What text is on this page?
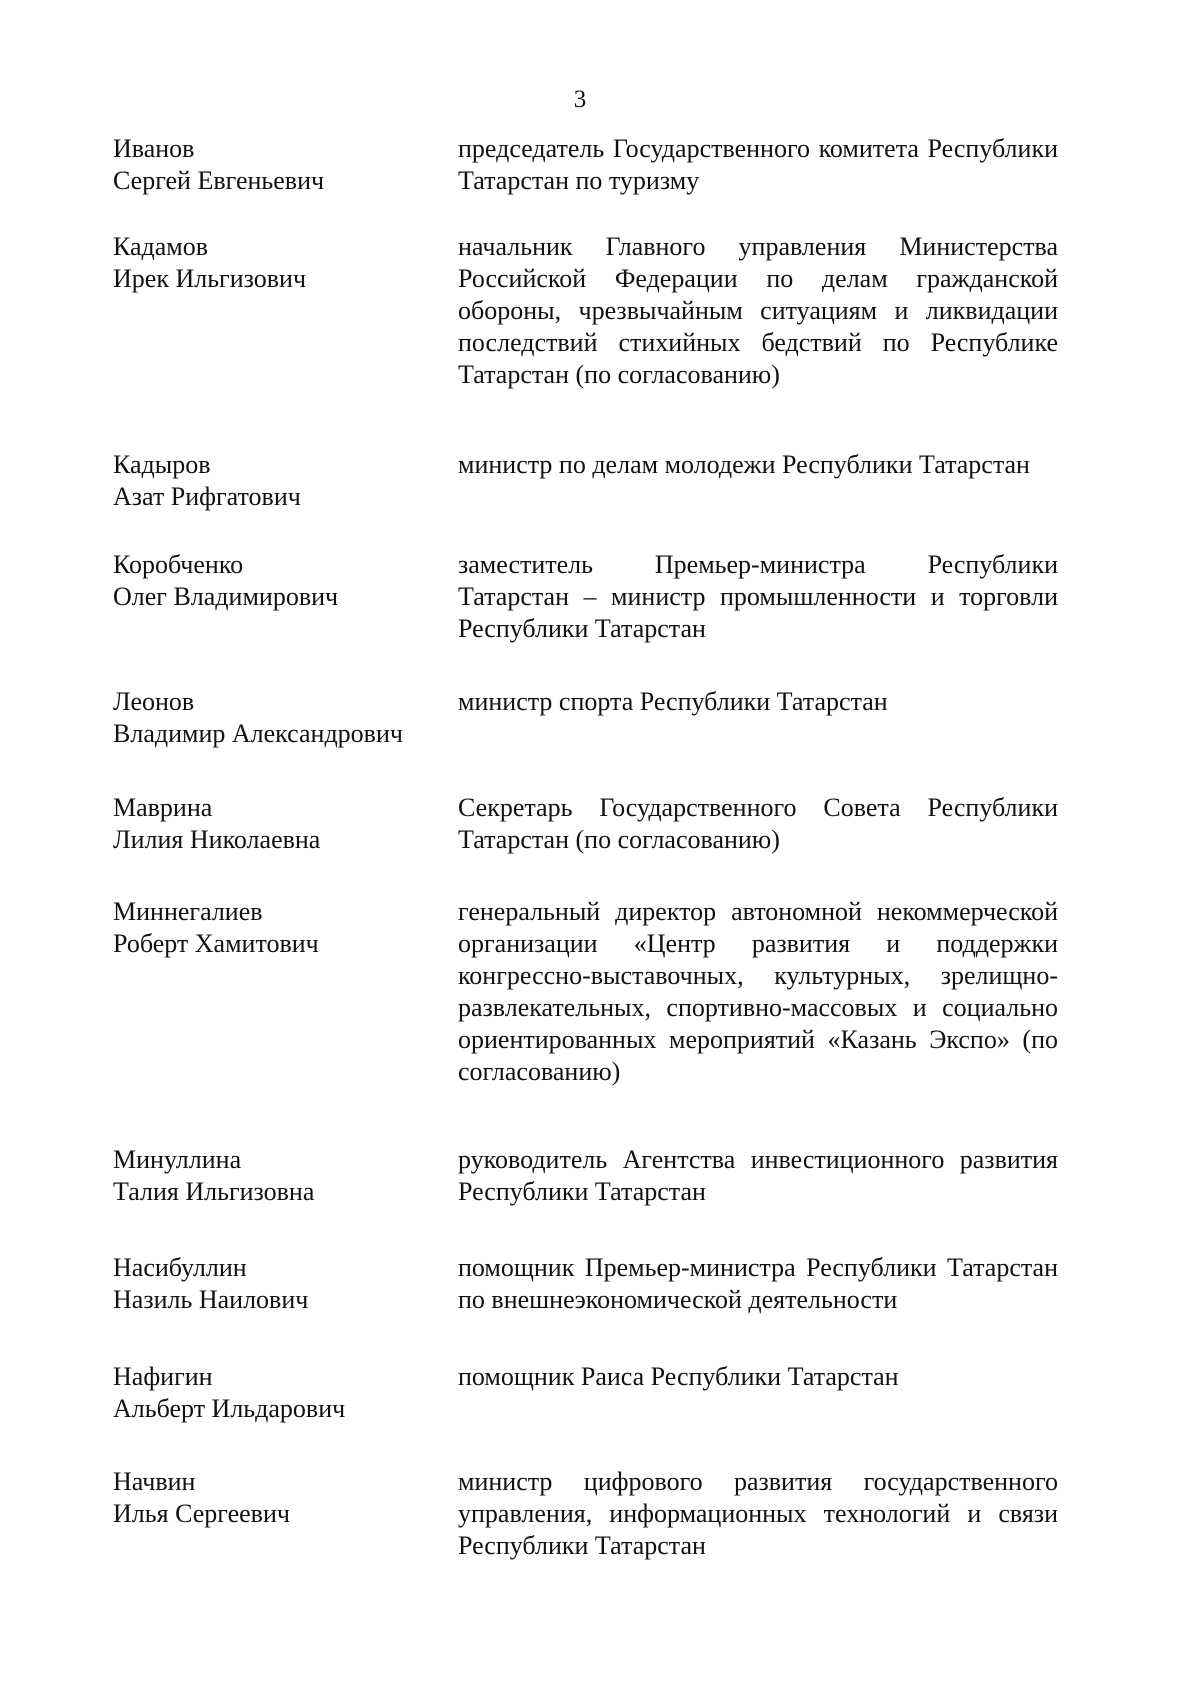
3
Иванов
Сергей Евгеньевич
председатель Государственного комитета Республики Татарстан по туризму
Кадамов
Ирек Ильгизович
начальник Главного управления Министерства Российской Федерации по делам гражданской обороны, чрезвычайным ситуациям и ликвидации последствий стихийных бедствий по Республике Татарстан (по согласованию)
Кадыров
Азат Рифгатович
министр по делам молодежи Республики Татарстан
Коробченко
Олег Владимирович
заместитель Премьер-министра Республики Татарстан – министр промышленности и торговли Республики Татарстан
Леонов
Владимир Александрович
министр спорта Республики Татарстан
Маврина
Лилия Николаевна
Секретарь Государственного Совета Республики Татарстан (по согласованию)
Миннегалиев
Роберт Хамитович
генеральный директор автономной некоммерческой организации «Центр развития и поддержки конгрессно-выставочных, культурных, зрелищно-развлекательных, спортивно-массовых и социально ориентированных мероприятий «Казань Экспо» (по согласованию)
Минуллина
Талия Ильгизовна
руководитель Агентства инвестиционного развития Республики Татарстан
Насибуллин
Назиль Наилович
помощник Премьер-министра Республики Татарстан по внешнеэкономической деятельности
Нафигин
Альберт Ильдарович
помощник Раиса Республики Татарстан
Начвин
Илья Сергеевич
министр цифрового развития государственного управления, информационных технологий и связи Республики Татарстан
